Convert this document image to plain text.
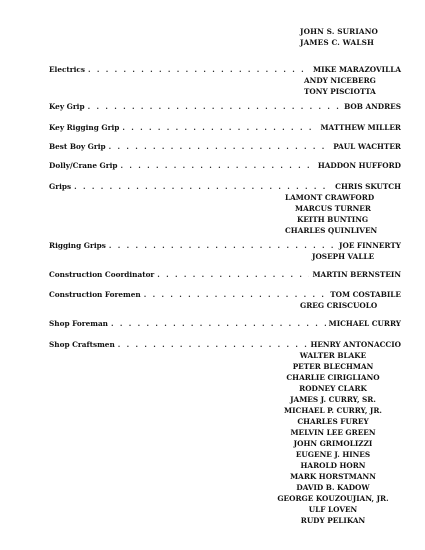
JOHN S. SURIANO
JAMES C. WALSH
Electrics . . .	MIKE MARAZOVILLA
ANDY NICEBERG
TONY PISCIOTTA
Key Grip . . .	BOB ANDRES
Key Rigging Grip . . .	MATTHEW MILLER
Best Boy Grip . . .	PAUL WACHTER
Dolly/Crane Grip . . .	HADDON HUFFORD
Grips . . .	CHRIS SKUTCH
LAMONT CRAWFORD
MARCUS TURNER
KEITH BUNTING
CHARLES QUINLIVEN
Rigging Grips . . .	JOE FINNERTY
JOSEPH VALLE
Construction Coordinator . . .	MARTIN BERNSTEIN
Construction Foremen . . .	TOM COSTABILE
GREG CRISCUOLO
Shop Foreman . . .	MICHAEL CURRY
Shop Craftsmen . . .	HENRY ANTONACCIO
WALTER BLAKE
PETER BLECHMAN
CHARLIE CIRIGLIANO
RODNEY CLARK
JAMES J. CURRY, SR.
MICHAEL P. CURRY, JR.
CHARLES FUREY
MELVIN LEE GREEN
JOHN GRIMOLIZZI
EUGENE J. HINES
HAROLD HORN
MARK HORSTMANN
DAVID B. KADOW
GEORGE KOUZOUJIAN, JR.
ULF LOVEN
RUDY PELIKAN
